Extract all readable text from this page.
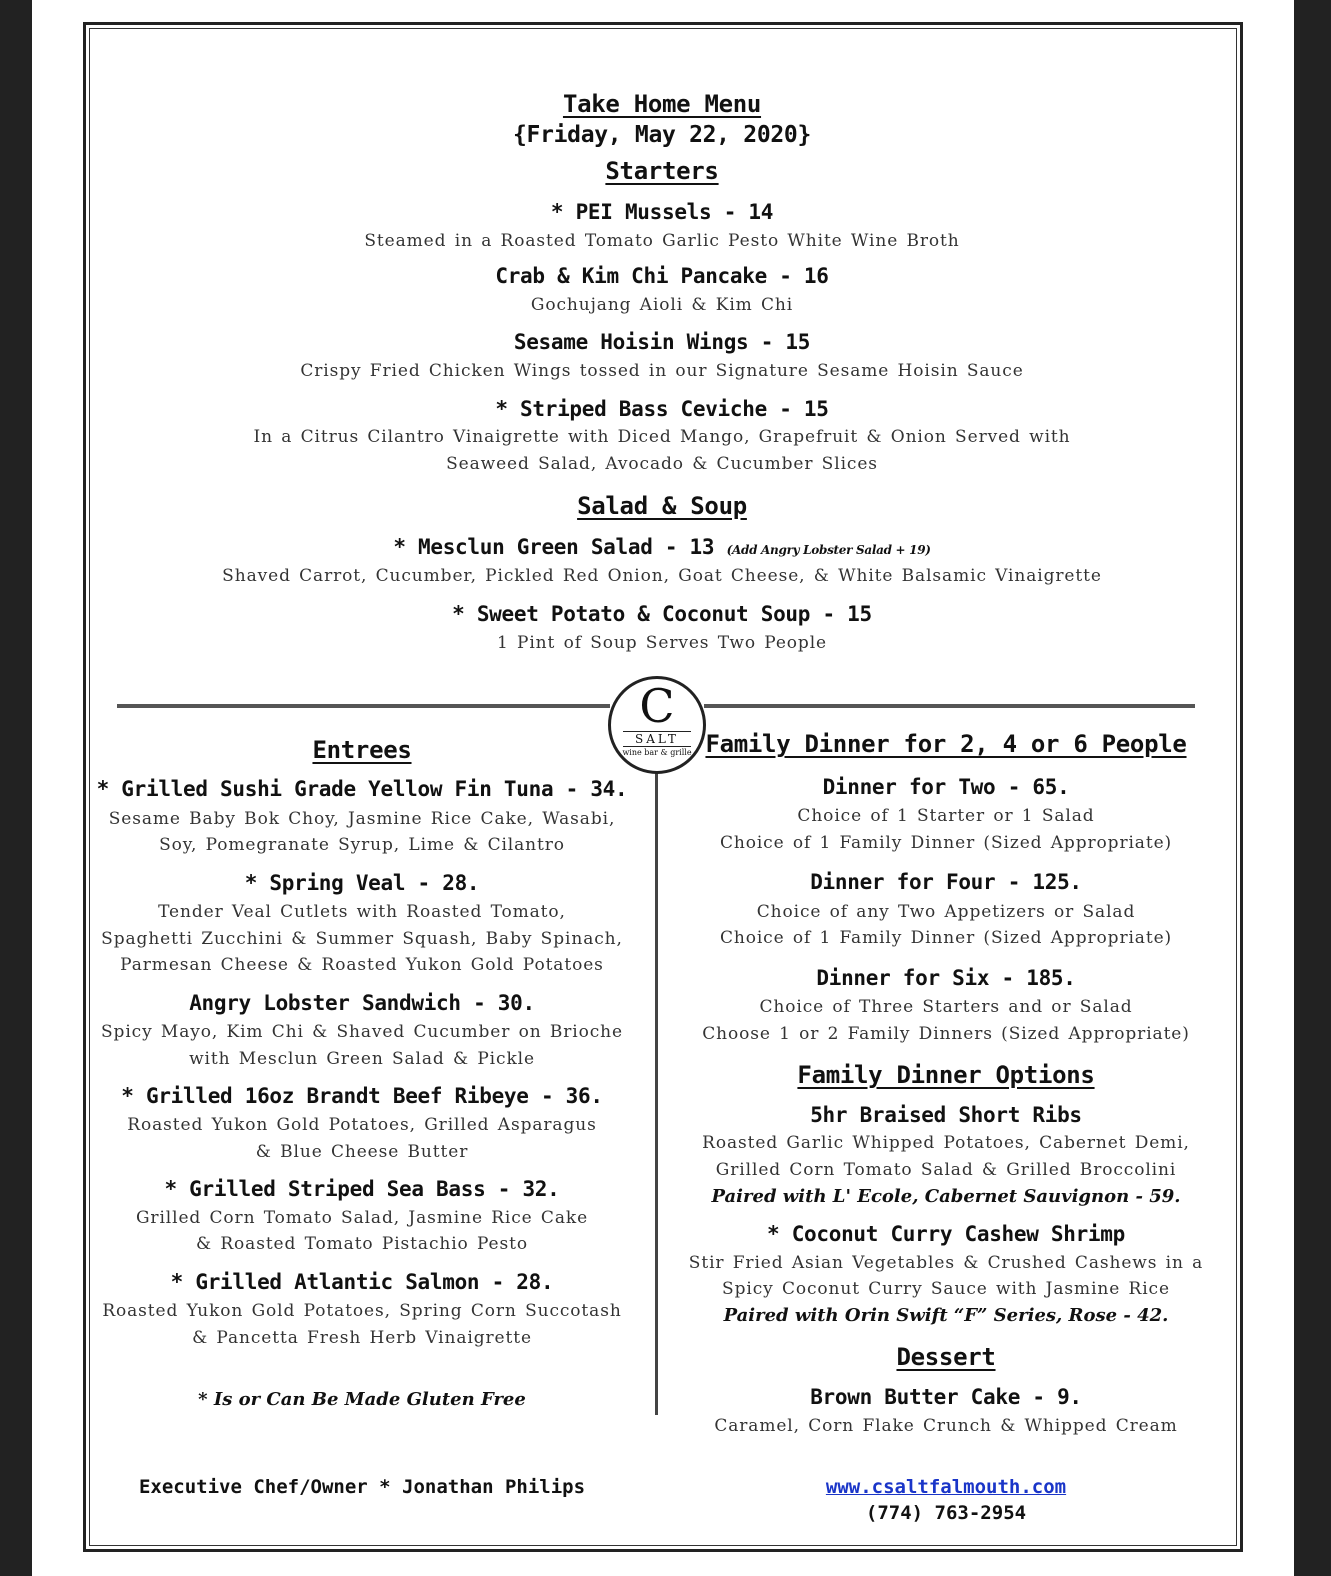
Take Home Menu
{Friday, May 22, 2020}
Starters
* PEI Mussels - 14
Steamed in a Roasted Tomato Garlic Pesto White Wine Broth
Crab & Kim Chi Pancake - 16
Gochujang Aioli & Kim Chi
Sesame Hoisin Wings - 15
Crispy Fried Chicken Wings tossed in our Signature Sesame Hoisin Sauce
* Striped Bass Ceviche - 15
In a Citrus Cilantro Vinaigrette with Diced Mango, Grapefruit & Onion Served with
Seaweed Salad, Avocado & Cucumber Slices
Salad & Soup
* Mesclun Green Salad - 13 (Add Angry Lobster Salad + 19)
Shaved Carrot, Cucumber, Pickled Red Onion, Goat Cheese, & White Balsamic Vinaigrette
* Sweet Potato & Coconut Soup - 15
1 Pint of Soup Serves Two People
C
SALT
wine bar & grille
Entrees
* Grilled Sushi Grade Yellow Fin Tuna - 34.
Sesame Baby Bok Choy, Jasmine Rice Cake, Wasabi,
Soy, Pomegranate Syrup, Lime & Cilantro
* Spring Veal - 28.
Tender Veal Cutlets with Roasted Tomato,
Spaghetti Zucchini & Summer Squash, Baby Spinach,
Parmesan Cheese & Roasted Yukon Gold Potatoes
Angry Lobster Sandwich - 30.
Spicy Mayo, Kim Chi & Shaved Cucumber on Brioche
with Mesclun Green Salad & Pickle
* Grilled 16oz Brandt Beef Ribeye - 36.
Roasted Yukon Gold Potatoes, Grilled Asparagus
& Blue Cheese Butter
* Grilled Striped Sea Bass - 32.
Grilled Corn Tomato Salad, Jasmine Rice Cake
& Roasted Tomato Pistachio Pesto
* Grilled Atlantic Salmon - 28.
Roasted Yukon Gold Potatoes, Spring Corn Succotash
& Pancetta Fresh Herb Vinaigrette
* Is or Can Be Made Gluten Free
Family Dinner for 2, 4 or 6 People
Dinner for Two - 65.
Choice of 1 Starter or 1 Salad
Choice of 1 Family Dinner (Sized Appropriate)
Dinner for Four - 125.
Choice of any Two Appetizers or Salad
Choice of 1 Family Dinner (Sized Appropriate)
Dinner for Six - 185.
Choice of Three Starters and or Salad
Choose 1 or 2 Family Dinners (Sized Appropriate)
Family Dinner Options
5hr Braised Short Ribs
Roasted Garlic Whipped Potatoes, Cabernet Demi,
Grilled Corn Tomato Salad & Grilled Broccolini
Paired with L' Ecole, Cabernet Sauvignon - 59.
* Coconut Curry Cashew Shrimp
Stir Fried Asian Vegetables & Crushed Cashews in a
Spicy Coconut Curry Sauce with Jasmine Rice
Paired with Orin Swift “F” Series, Rose - 42.
Dessert
Brown Butter Cake - 9.
Caramel, Corn Flake Crunch & Whipped Cream
Executive Chef/Owner * Jonathan Philips	www.csaltfalmouth.com
(774) 763-2954
